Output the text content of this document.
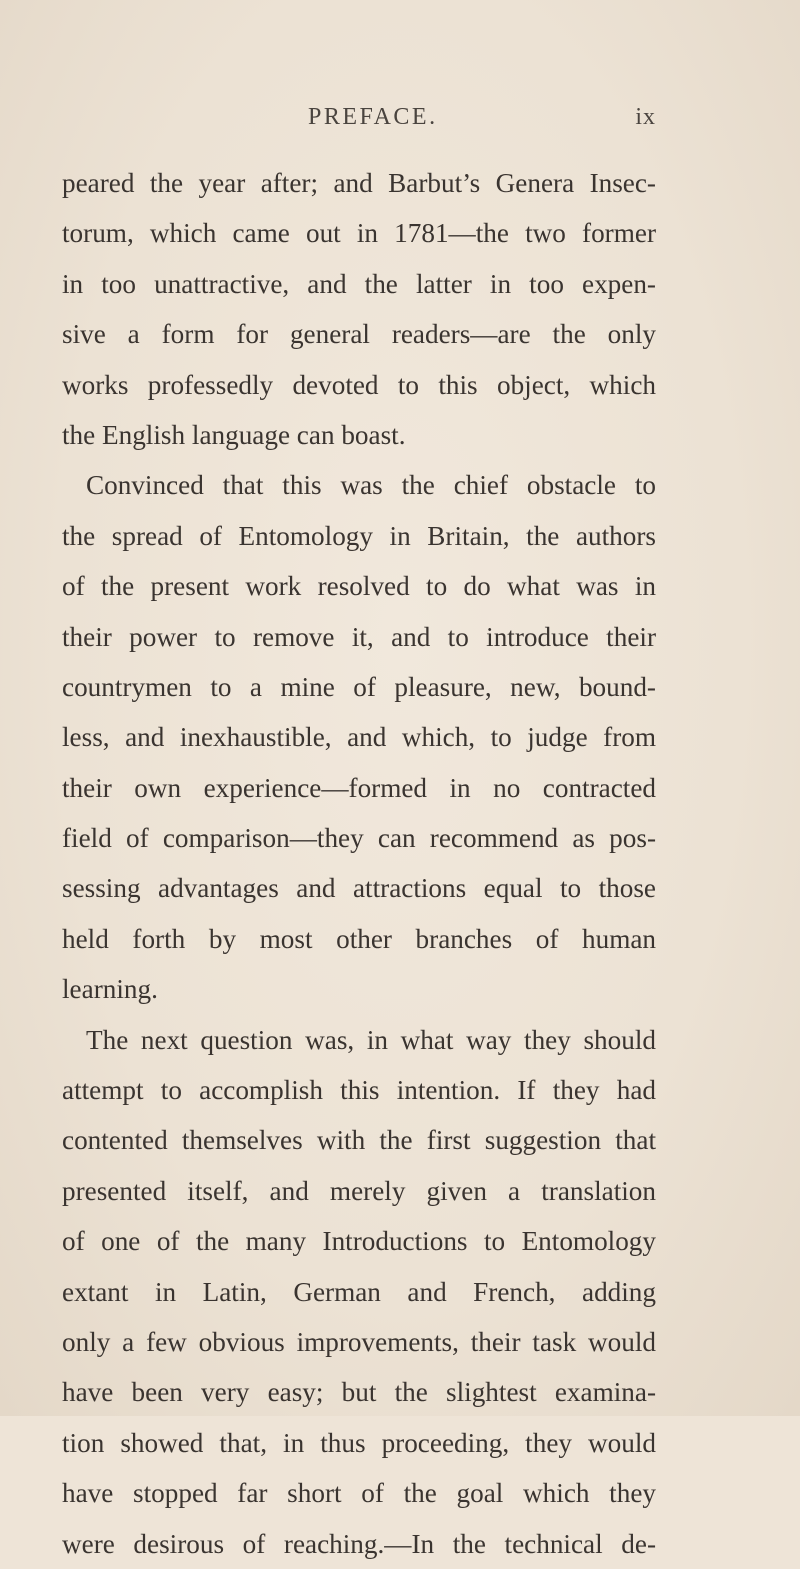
PREFACE.	ix
peared the year after; and Barbut’s Genera Insec-
torum, which came out in 1781—the two former
in too unattractive, and the latter in too expen-
sive a form for general readers—are the only
works professedly devoted to this object, which
the English language can boast.
Convinced that this was the chief obstacle to
the spread of Entomology in Britain, the authors
of the present work resolved to do what was in
their power to remove it, and to introduce their
countrymen to a mine of pleasure, new, bound-
less, and inexhaustible, and which, to judge from
their own experience—formed in no contracted
field of comparison—they can recommend as pos-
sessing advantages and attractions equal to those
held forth by most other branches of human
learning.
The next question was, in what way they should
attempt to accomplish this intention. If they had
contented themselves with the first suggestion that
presented itself, and merely given a translation
of one of the many Introductions to Entomology
extant in Latin, German and French, adding
only a few obvious improvements, their task would
have been very easy; but the slightest examina-
tion showed that, in thus proceeding, they would
have stopped far short of the goal which they
were desirous of reaching.—In the technical de-
